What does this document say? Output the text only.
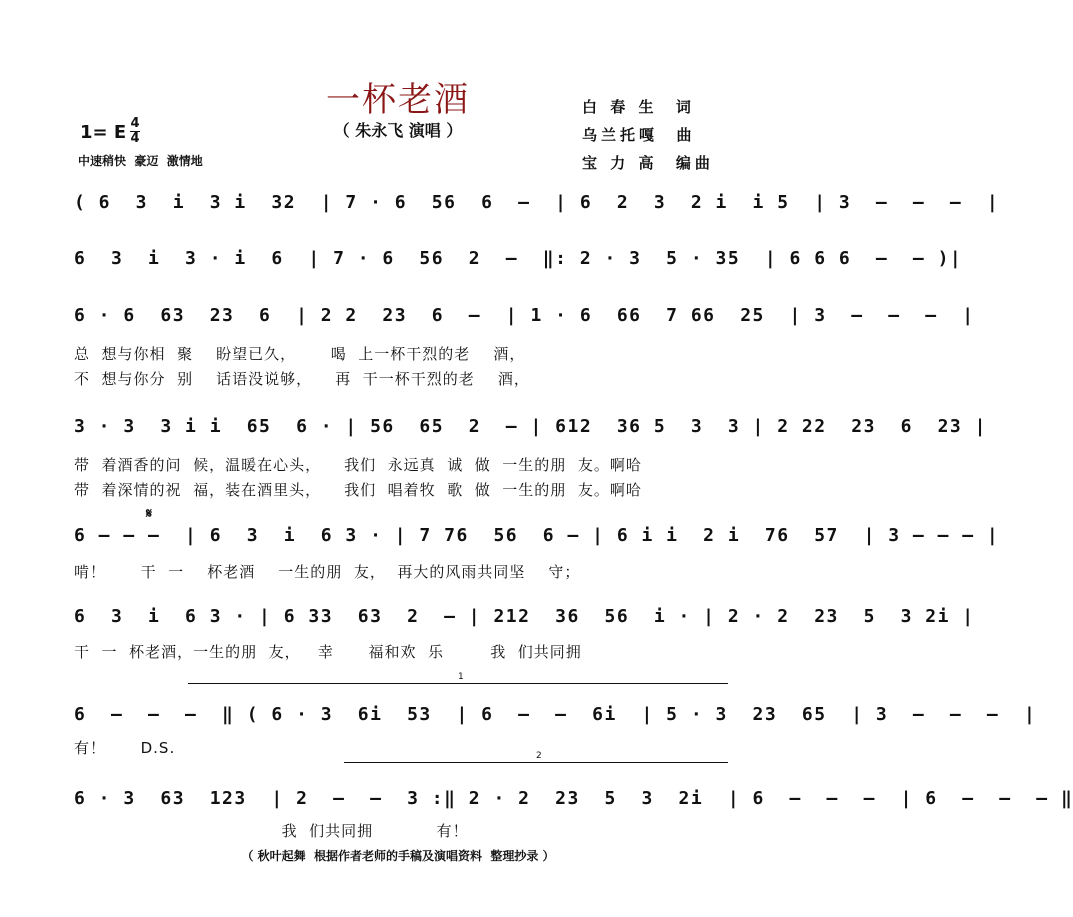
一杯老酒
（ 朱永飞 演唱 ）
白 春 生  词
乌兰托嘎  曲
宝 力 高  编曲
1= E 4
4
中速稍快  豪迈  激情地
( 6  3  i  3 i  32  | 7 · 6  56  6  –  | 6  2  3  2 i  i 5  | 3  –  –  –  |
6  3  i  3 · i  6  | 7 · 6  56  2  –  ‖: 2 · 3  5 · 35  | 6 6 6  –  – )|
6 · 6  63  23  6  | 2 2  23  6  –  | 1 · 6  66  7 66  25  | 3  –  –  –  |
总  想与你相  聚    盼望已久，      喝  上一杯干烈的老    酒，
不  想与你分  别    话语没说够，    再  干一杯干烈的老    酒，
3 · 3  3 i i  65  6 · | 56  65  2  – | 612  36 5  3  3 | 2 22  23  6  23 |
带  着酒香的问  候，温暖在心头，    我们  永远真  诚  做  一生的朋  友。啊哈
带  着深情的祝  福，装在酒里头，    我们  唱着牧  歌  做  一生的朋  友。啊哈
𝄋
6 – – –  | 6  3  i  6 3 · | 7 76  56  6 – | 6 i i  2 i  76  57  | 3 – – – |
啃！      干  一    杯老酒    一生的朋  友，  再大的风雨共同坚    守；
6  3  i  6 3 · | 6 33  63  2  – | 212  36  56  i · | 2 · 2  23  5  3 2i |
干  一  杯老酒，一生的朋  友，   幸      福和欢  乐        我  们共同拥
1
6  –  –  –  ‖ ( 6 · 3  6i  53  | 6  –  –  6i  | 5 · 3  23  65  | 3  –  –  –  |
有！      D.S.	2
6 · 3  63  123  | 2  –  –  3 :‖ 2 · 2  23  5  3  2i  | 6  –  –  –  | 6  –  –  – ‖
我  们共同拥           有！
（ 秋叶起舞  根据作者老师的手稿及演唱资料  整理抄录 ）
